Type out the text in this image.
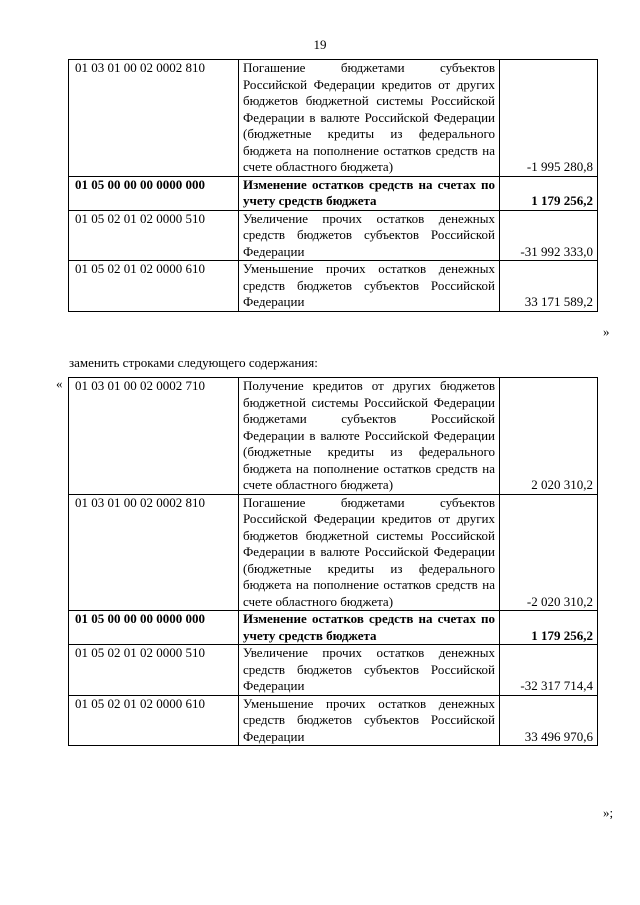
19
01 03 01 00 02 0002 810	Погашение бюджетами субъектов Российской Федерации кредитов от других бюджетов бюджетной системы Российской Федерации в валюте Российской Федерации (бюджетные кредиты из федерального бюджета на пополнение остатков средств на счете областного бюджета)	-1 995 280,8
01 05 00 00 00 0000 000	Изменение остатков средств на счетах по учету средств бюджета	1 179 256,2
01 05 02 01 02 0000 510	Увеличение прочих остатков денежных средств бюджетов субъектов Российской Федерации	-31 992 333,0
01 05 02 01 02 0000 610	Уменьшение прочих остатков денежных средств бюджетов субъектов Российской Федерации	33 171 589,2
»
заменить строками следующего содержания:
« 01 03 01 00 02 0002 710	Получение кредитов от других бюджетов бюджетной системы Российской Федерации бюджетами субъектов Российской Федерации в валюте Российской Федерации (бюджетные кредиты из федерального бюджета на пополнение остатков средств на счете областного бюджета)	2 020 310,2
01 03 01 00 02 0002 810	Погашение бюджетами субъектов Российской Федерации кредитов от других бюджетов бюджетной системы Российской Федерации в валюте Российской Федерации (бюджетные кредиты из федерального бюджета на пополнение остатков средств на счете областного бюджета)	-2 020 310,2
01 05 00 00 00 0000 000	Изменение остатков средств на счетах по учету средств бюджета	1 179 256,2
01 05 02 01 02 0000 510	Увеличение прочих остатков денежных средств бюджетов субъектов Российской Федерации	-32 317 714,4
01 05 02 01 02 0000 610	Уменьшение прочих остатков денежных средств бюджетов субъектов Российской Федерации	33 496 970,6
»;
